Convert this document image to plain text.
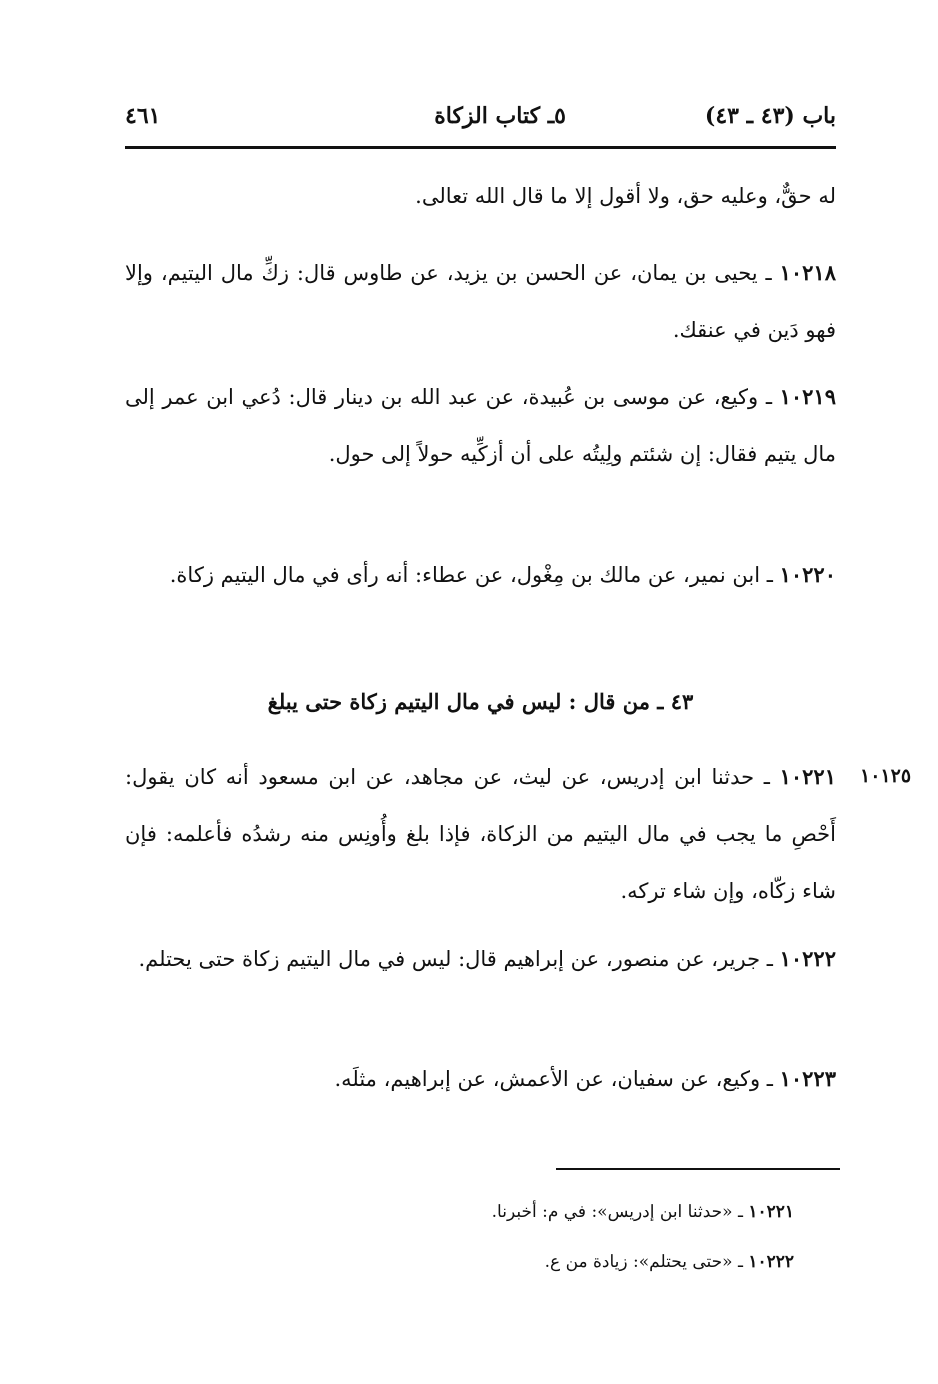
باب (٤٣ ـ ٤٣)
٥ـ كتاب الزكاة
٤٦١
له حقٌّ، وعليه حق، ولا أقول إلا ما قال الله تعالى.
١٠٢١٨ ـ يحيى بن يمان، عن الحسن بن يزيد، عن طاوس قال: زكِّ مال اليتيم، وإلا فهو دَين في عنقك.
١٠٢١٩ ـ وكيع، عن موسى بن عُبيدة، عن عبد الله بن دينار قال: دُعي ابن عمر إلى مال يتيم فقال: إن شئتم ولِيتُه على أن أزكِّيه حولاً إلى حول.
١٠٢٢٠ ـ ابن نمير، عن مالك بن مِغْول، عن عطاء: أنه رأى في مال اليتيم زكاة.
٤٣ ـ من قال : ليس في مال اليتيم زكاة حتى يبلغ
١٠١٢٥
١٠٢٢١ ـ حدثنا ابن إدريس، عن ليث، عن مجاهد، عن ابن مسعود أنه كان يقول: أَحْصِ ما يجب في مال اليتيم من الزكاة، فإذا بلغ وأُونِس منه رشدُه فأعلمه: فإن شاء زكّاه، وإن شاء تركه.
١٠٢٢٢ ـ جرير، عن منصور، عن إبراهيم قال: ليس في مال اليتيم زكاة حتى يحتلم.
١٠٢٢٣ ـ وكيع، عن سفيان، عن الأعمش، عن إبراهيم، مثلَه.
١٠٢٢١ ـ «حدثنا ابن إدريس»: في م: أخبرنا.
١٠٢٢٢ ـ «حتى يحتلم»: زيادة من ع.
